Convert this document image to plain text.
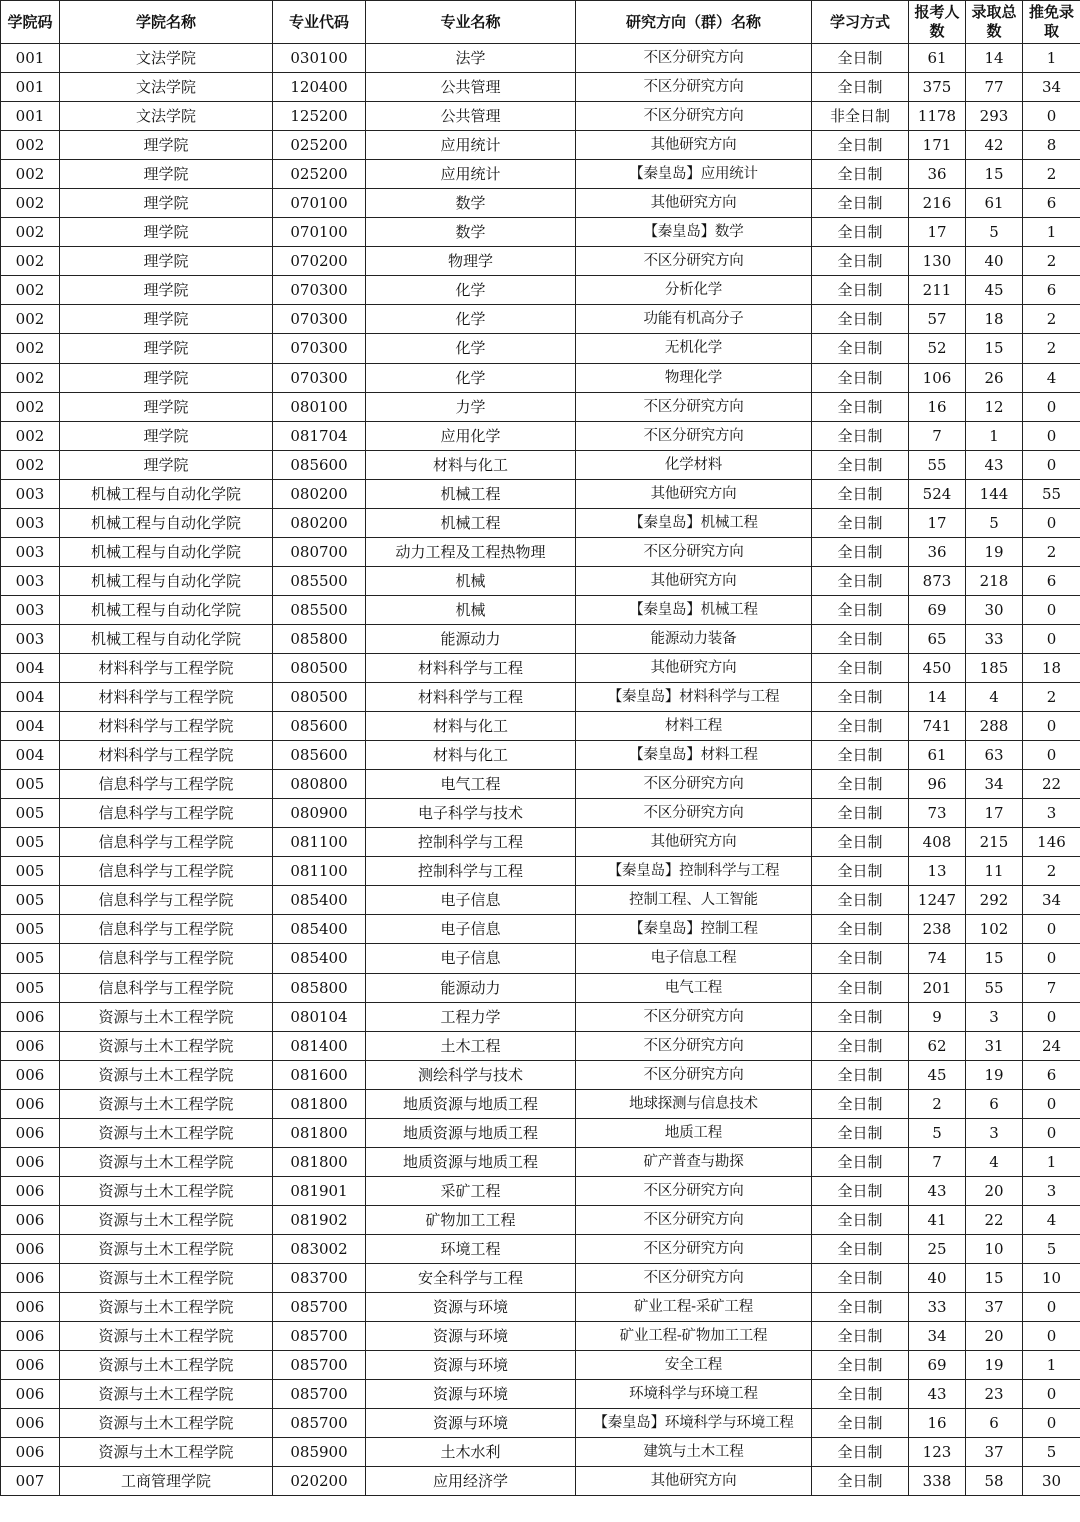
学院码	学院名称	专业代码	专业名称	研究方向（群）名称	学习方式	报考人数	录取总数	推免录取
001	文法学院	030100	法学	不区分研究方向	全日制	61	14	1
001	文法学院	120400	公共管理	不区分研究方向	全日制	375	77	34
001	文法学院	125200	公共管理	不区分研究方向	非全日制	1178	293	0
002	理学院	025200	应用统计	其他研究方向	全日制	171	42	8
002	理学院	025200	应用统计	【秦皇岛】应用统计	全日制	36	15	2
002	理学院	070100	数学	其他研究方向	全日制	216	61	6
002	理学院	070100	数学	【秦皇岛】数学	全日制	17	5	1
002	理学院	070200	物理学	不区分研究方向	全日制	130	40	2
002	理学院	070300	化学	分析化学	全日制	211	45	6
002	理学院	070300	化学	功能有机高分子	全日制	57	18	2
002	理学院	070300	化学	无机化学	全日制	52	15	2
002	理学院	070300	化学	物理化学	全日制	106	26	4
002	理学院	080100	力学	不区分研究方向	全日制	16	12	0
002	理学院	081704	应用化学	不区分研究方向	全日制	7	1	0
002	理学院	085600	材料与化工	化学材料	全日制	55	43	0
003	机械工程与自动化学院	080200	机械工程	其他研究方向	全日制	524	144	55
003	机械工程与自动化学院	080200	机械工程	【秦皇岛】机械工程	全日制	17	5	0
003	机械工程与自动化学院	080700	动力工程及工程热物理	不区分研究方向	全日制	36	19	2
003	机械工程与自动化学院	085500	机械	其他研究方向	全日制	873	218	6
003	机械工程与自动化学院	085500	机械	【秦皇岛】机械工程	全日制	69	30	0
003	机械工程与自动化学院	085800	能源动力	能源动力装备	全日制	65	33	0
004	材料科学与工程学院	080500	材料科学与工程	其他研究方向	全日制	450	185	18
004	材料科学与工程学院	080500	材料科学与工程	【秦皇岛】材料科学与工程	全日制	14	4	2
004	材料科学与工程学院	085600	材料与化工	材料工程	全日制	741	288	0
004	材料科学与工程学院	085600	材料与化工	【秦皇岛】材料工程	全日制	61	63	0
005	信息科学与工程学院	080800	电气工程	不区分研究方向	全日制	96	34	22
005	信息科学与工程学院	080900	电子科学与技术	不区分研究方向	全日制	73	17	3
005	信息科学与工程学院	081100	控制科学与工程	其他研究方向	全日制	408	215	146
005	信息科学与工程学院	081100	控制科学与工程	【秦皇岛】控制科学与工程	全日制	13	11	2
005	信息科学与工程学院	085400	电子信息	控制工程、人工智能	全日制	1247	292	34
005	信息科学与工程学院	085400	电子信息	【秦皇岛】控制工程	全日制	238	102	0
005	信息科学与工程学院	085400	电子信息	电子信息工程	全日制	74	15	0
005	信息科学与工程学院	085800	能源动力	电气工程	全日制	201	55	7
006	资源与土木工程学院	080104	工程力学	不区分研究方向	全日制	9	3	0
006	资源与土木工程学院	081400	土木工程	不区分研究方向	全日制	62	31	24
006	资源与土木工程学院	081600	测绘科学与技术	不区分研究方向	全日制	45	19	6
006	资源与土木工程学院	081800	地质资源与地质工程	地球探测与信息技术	全日制	2	6	0
006	资源与土木工程学院	081800	地质资源与地质工程	地质工程	全日制	5	3	0
006	资源与土木工程学院	081800	地质资源与地质工程	矿产普查与勘探	全日制	7	4	1
006	资源与土木工程学院	081901	采矿工程	不区分研究方向	全日制	43	20	3
006	资源与土木工程学院	081902	矿物加工工程	不区分研究方向	全日制	41	22	4
006	资源与土木工程学院	083002	环境工程	不区分研究方向	全日制	25	10	5
006	资源与土木工程学院	083700	安全科学与工程	不区分研究方向	全日制	40	15	10
006	资源与土木工程学院	085700	资源与环境	矿业工程-采矿工程	全日制	33	37	0
006	资源与土木工程学院	085700	资源与环境	矿业工程-矿物加工工程	全日制	34	20	0
006	资源与土木工程学院	085700	资源与环境	安全工程	全日制	69	19	1
006	资源与土木工程学院	085700	资源与环境	环境科学与环境工程	全日制	43	23	0
006	资源与土木工程学院	085700	资源与环境	【秦皇岛】环境科学与环境工程	全日制	16	6	0
006	资源与土木工程学院	085900	土木水利	建筑与土木工程	全日制	123	37	5
007	工商管理学院	020200	应用经济学	其他研究方向	全日制	338	58	30
